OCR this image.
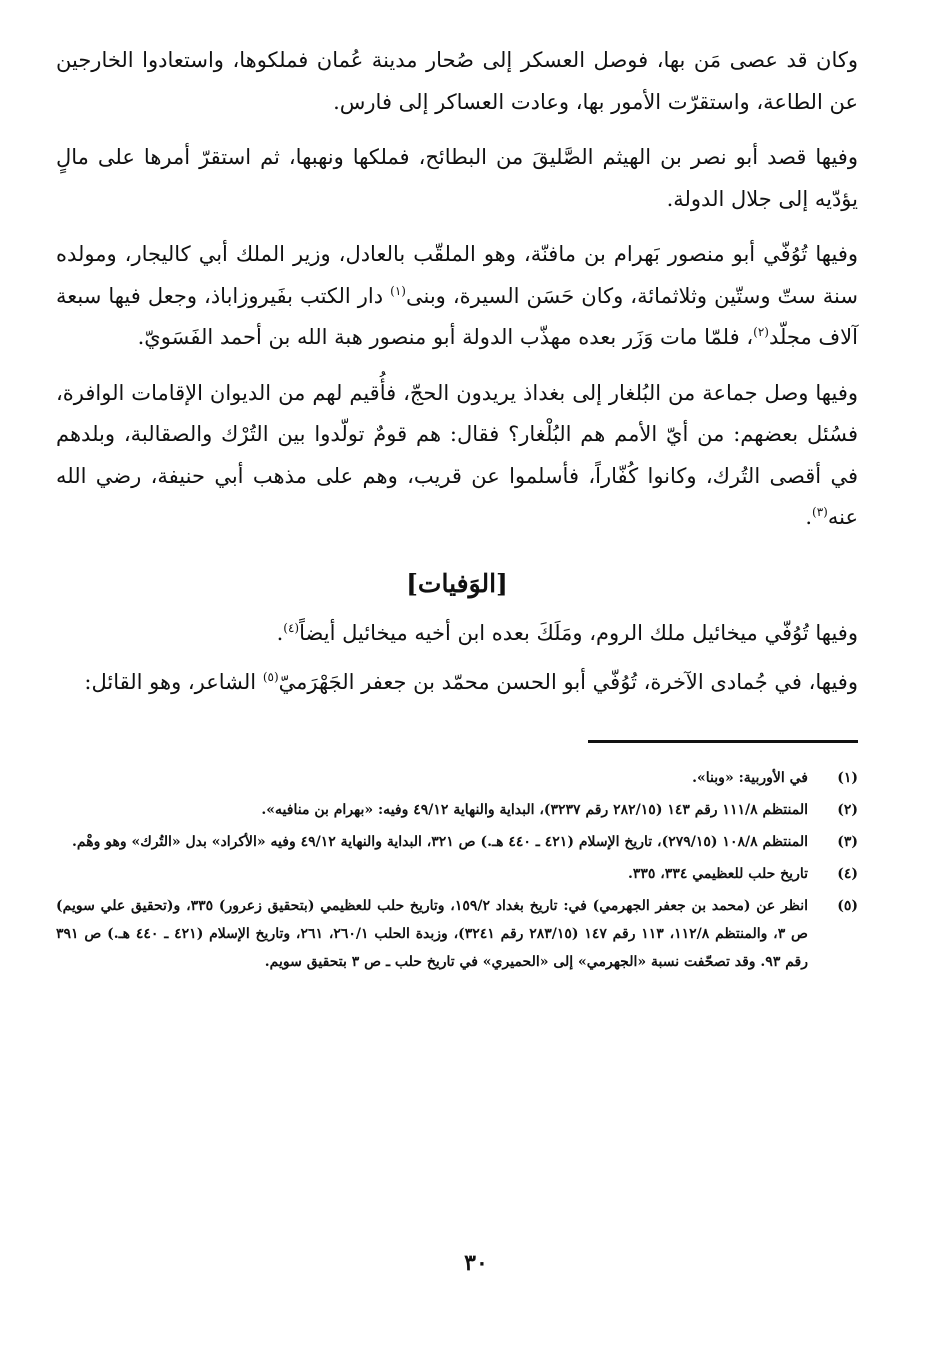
وكان قد عصى مَن بها، فوصل العسكر إلى صُحار مدينة عُمان فملكوها، واستعادوا الخارجين عن الطاعة، واستقرّت الأمور بها، وعادت العساكر إلى فارس.

وفيها قصد أبو نصر بن الهيثم الصَّليقَ من البطائح، فملكها ونهبها، ثم استقرّ أمرها على مالٍ يؤدّيه إلى جلال الدولة.

وفيها تُوُفّي أبو منصور بَهرام بن مافنّة، وهو الملقّب بالعادل، وزير الملك أبي كاليجار، ومولده سنة ستّ وستّين وثلاثمائة، وكان حَسَن السيرة، وبنى$^{(١)}$ دار الكتب بفَيروزاباذ، وجعل فيها سبعة آلاف مجلّد$^{(٢)}$، فلمّا مات وَزَر بعده مهذّب الدولة أبو منصور هبة الله بن أحمد الفَسَويّ.

وفيها وصل جماعة من البُلغار إلى بغداذ يريدون الحجّ، فأُقيم لهم من الديوان الإقامات الوافرة، فسُئل بعضهم: من أيّ الأمم هم البُلْغار؟ فقال: هم قومٌ تولّدوا بين التُرْك والصقالبة، وبلدهم في أقصى التُرك، وكانوا كُفّاراً، فأسلموا عن قريب، وهم على مذهب أبي حنيفة، رضي الله عنه$^{(٣)}$.

[الوَفيات]

وفيها تُوُفّي ميخائيل ملك الروم، ومَلَكَ بعده ابن أخيه ميخائيل أيضاً$^{(٤)}$.

وفيها، في جُمادى الآخرة، تُوُفّي أبو الحسن محمّد بن جعفر الجَهْرَميّ$^{(٥)}$ الشاعر، وهو القائل:

(١)
في الأوربية: «وبنا».
(٢)
المنتظم ١١١/٨ رقم ١٤٣ (٢٨٢/١٥ رقم ٣٢٣٧)، البداية والنهاية ٤٩/١٢ وفيه: «بهرام بن منافيه».
(٣)
المنتظم ١٠٨/٨ (٢٧٩/١٥)، تاريخ الإسلام (٤٢١ ـ ٤٤٠ هـ.) ص ٣٢١، البداية والنهاية ٤٩/١٢ وفيه «الأكراد» بدل «التُرك» وهو وهْم.
(٤)
تاريخ حلب للعظيمي ٣٣٤، ٣٣٥.
(٥)
انظر عن (محمد بن جعفر الجهرمي) في: تاريخ بغداد ١٥٩/٢، وتاريخ حلب للعظيمي (بتحقيق زعرور) ٣٣٥، و(تحقيق علي سويم) ص ٣، والمنتظم ١١٢/٨، ١١٣ رقم ١٤٧ (٢٨٣/١٥ رقم ٣٢٤١)، وزبدة الحلب ٢٦٠/١، ٢٦١، وتاريخ الإسلام (٤٢١ ـ ٤٤٠ هـ.) ص ٣٩١ رقم ٩٣. وقد تصحّفت نسبة «الجهرمي» إلى «الحميري» في تاريخ حلب ـ ص ٣ بتحقيق سويم.
٣٠
